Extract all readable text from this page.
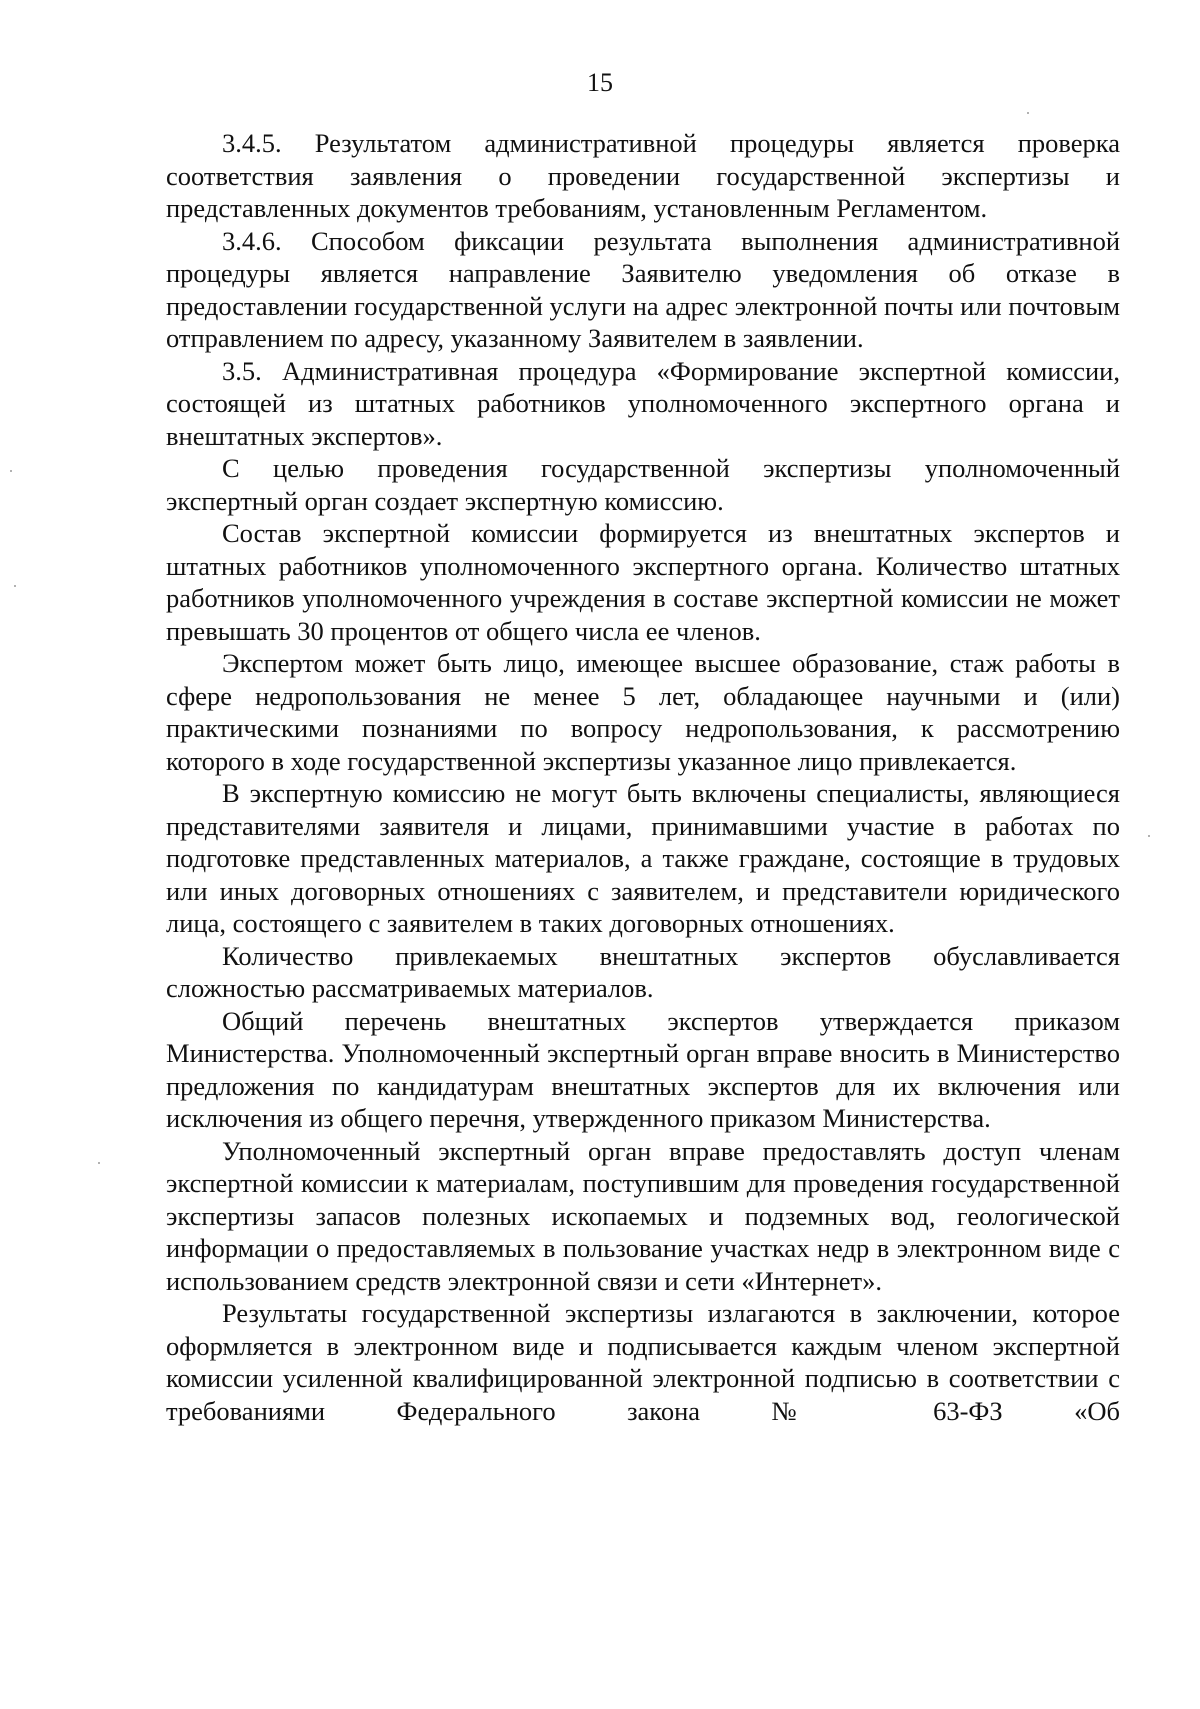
15

3.4.5. Результатом административной процедуры является проверка соответствия заявления о проведении государственной экспертизы и представленных документов требованиям, установленным Регламентом.

3.4.6. Способом фиксации результата выполнения административной процедуры является направление Заявителю уведомления об отказе в предоставлении государственной услуги на адрес электронной почты или почтовым отправлением по адресу, указанному Заявителем в заявлении.

3.5. Административная процедура «Формирование экспертной комиссии, состоящей из штатных работников уполномоченного экспертного органа и внештатных экспертов».

С целью проведения государственной экспертизы уполномоченный экспертный орган создает экспертную комиссию.

Состав экспертной комиссии формируется из внештатных экспертов и штатных работников уполномоченного экспертного органа. Количество штатных работников уполномоченного учреждения в составе экспертной комиссии не может превышать 30 процентов от общего числа ее членов.

Экспертом может быть лицо, имеющее высшее образование, стаж работы в сфере недропользования не менее 5 лет, обладающее научными и (или) практическими познаниями по вопросу недропользования, к рассмотрению которого в ходе государственной экспертизы указанное лицо привлекается.

В экспертную комиссию не могут быть включены специалисты, являющиеся представителями заявителя и лицами, принимавшими участие в работах по подготовке представленных материалов, а также граждане, состоящие в трудовых или иных договорных отношениях с заявителем, и представители юридического лица, состоящего с заявителем в таких договорных отношениях.

Количество привлекаемых внештатных экспертов обуславливается сложностью рассматриваемых материалов.

Общий перечень внештатных экспертов утверждается приказом Министерства. Уполномоченный экспертный орган вправе вносить в Министерство предложения по кандидатурам внештатных экспертов для их включения или исключения из общего перечня, утвержденного приказом Министерства.

Уполномоченный экспертный орган вправе предоставлять доступ членам экспертной комиссии к материалам, поступившим для проведения государственной экспертизы запасов полезных ископаемых и подземных вод, геологической информации о предоставляемых в пользование участках недр в электронном виде с использованием средств электронной связи и сети «Интернет».

Результаты государственной экспертизы излагаются в заключении, которое оформляется в электронном виде и подписывается каждым членом экспертной комиссии усиленной квалифицированной электронной подписью в соответствии с требованиями Федерального закона № 63-ФЗ «Об
